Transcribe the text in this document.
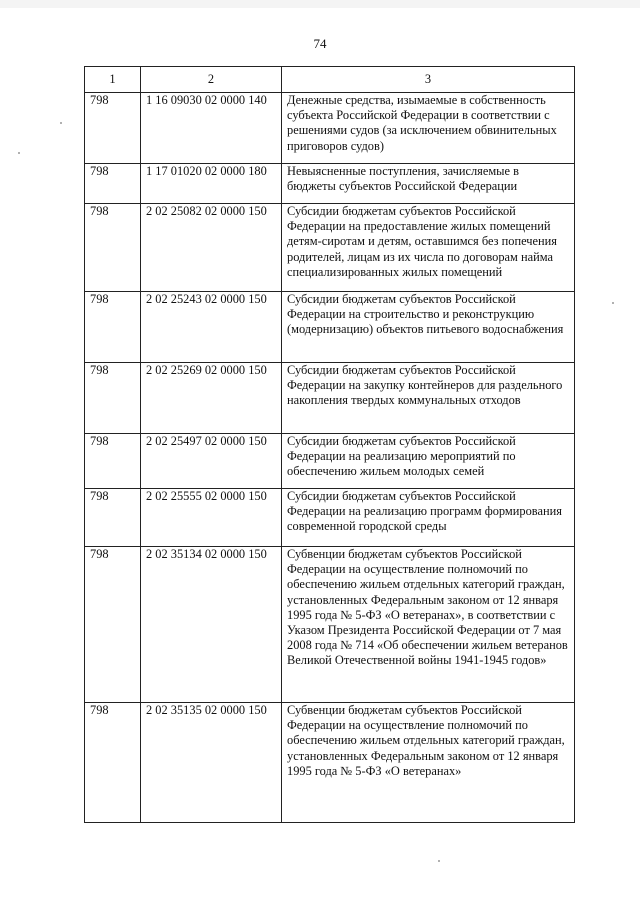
74
1	2	3
798	1 16 09030 02 0000 140	Денежные средства, изымаемые в собственность субъекта Российской Федерации в соответствии с решениями судов (за исключением обвинительных приговоров судов)
798	1 17 01020 02 0000 180	Невыясненные поступления, зачисляемые в бюджеты субъектов Российской Федерации
798	2 02 25082 02 0000 150	Субсидии бюджетам субъектов Российской Федерации на предоставление жилых помещений детям-сиротам и детям, оставшимся без попечения родителей, лицам из их числа по договорам найма специализированных жилых помещений
798	2 02 25243 02 0000 150	Субсидии бюджетам субъектов Российской Федерации на строительство и реконструкцию (модернизацию) объектов питьевого водоснабжения
798	2 02 25269 02 0000 150	Субсидии бюджетам субъектов Российской Федерации на закупку контейнеров для раздельного накопления твердых коммунальных отходов
798	2 02 25497 02 0000 150	Субсидии бюджетам субъектов Российской Федерации на реализацию мероприятий по обеспечению жильем молодых семей
798	2 02 25555 02 0000 150	Субсидии бюджетам субъектов Российской Федерации на реализацию программ формирования современной городской среды
798	2 02 35134 02 0000 150	Субвенции бюджетам субъектов Российской Федерации на осуществление полномочий по обеспечению жильем отдельных категорий граждан, установленных Федеральным законом от 12 января 1995 года № 5-ФЗ «О ветеранах», в соответствии с Указом Президента Российской Федерации от 7 мая 2008 года № 714 «Об обеспечении жильем ветеранов Великой Отечественной войны 1941-1945 годов»
798	2 02 35135 02 0000 150	Субвенции бюджетам субъектов Российской Федерации на осуществление полномочий по обеспечению жильем отдельных категорий граждан, установленных Федеральным законом от 12 января 1995 года № 5-ФЗ «О ветеранах»
